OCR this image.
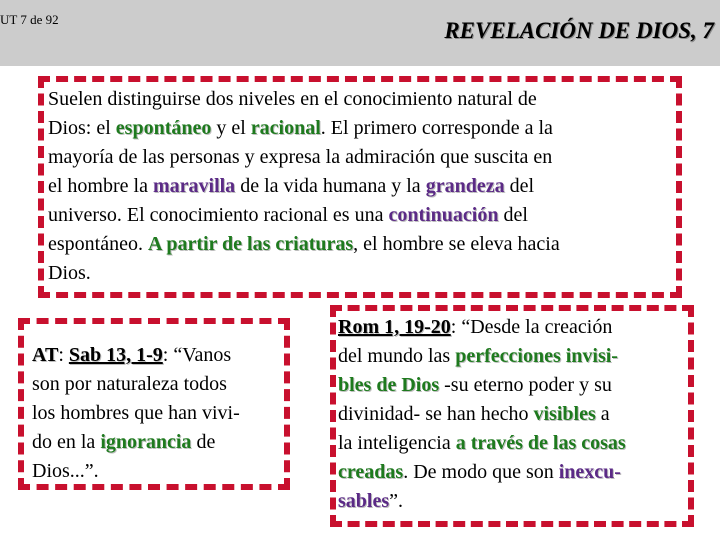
UT 7 de 92	REVELACIÓN DE DIOS, 7
Suelen distinguirse dos niveles en el conocimiento natural de
Dios: el espontáneo y el racional. El primero corresponde a la
mayoría de las personas y expresa la admiración que suscita en
el hombre la maravilla de la vida humana y la grandeza del
universo. El conocimiento racional es una continuación del
espontáneo. A partir de las criaturas, el hombre se eleva hacia
Dios.
AT: Sab 13, 1-9: “Vanos
son por naturaleza todos
los hombres que han vivi-
do en la ignorancia de
Dios...”.
Rom 1, 19-20: “Desde la creación
del mundo las perfecciones invisi-
bles de Dios -su eterno poder y su
divinidad- se han hecho visibles a
la inteligencia a través de las cosas
creadas. De modo que son inexcu-
sables”.
